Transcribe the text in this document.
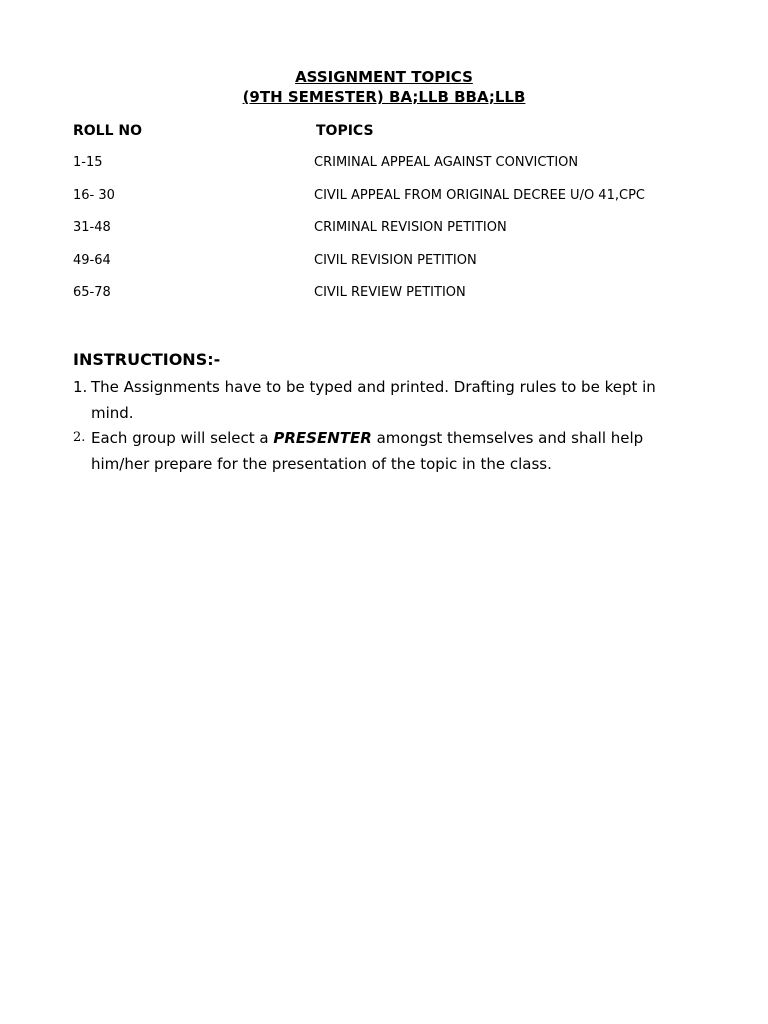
ASSIGNMENT TOPICS
(9TH SEMESTER) BA;LLB BBA;LLB
ROLL NO	TOPICS
1-15	CRIMINAL APPEAL AGAINST CONVICTION
16- 30	CIVIL APPEAL FROM ORIGINAL DECREE U/O 41,CPC
31-48	CRIMINAL REVISION PETITION
49-64	CIVIL REVISION PETITION
65-78	CIVIL REVIEW PETITION
INSTRUCTIONS:-
1. The Assignments have to be typed and printed. Drafting rules to be kept in mind.
2. Each group will select a PRESENTER amongst themselves and shall help him/her prepare for the presentation of the topic in the class.
